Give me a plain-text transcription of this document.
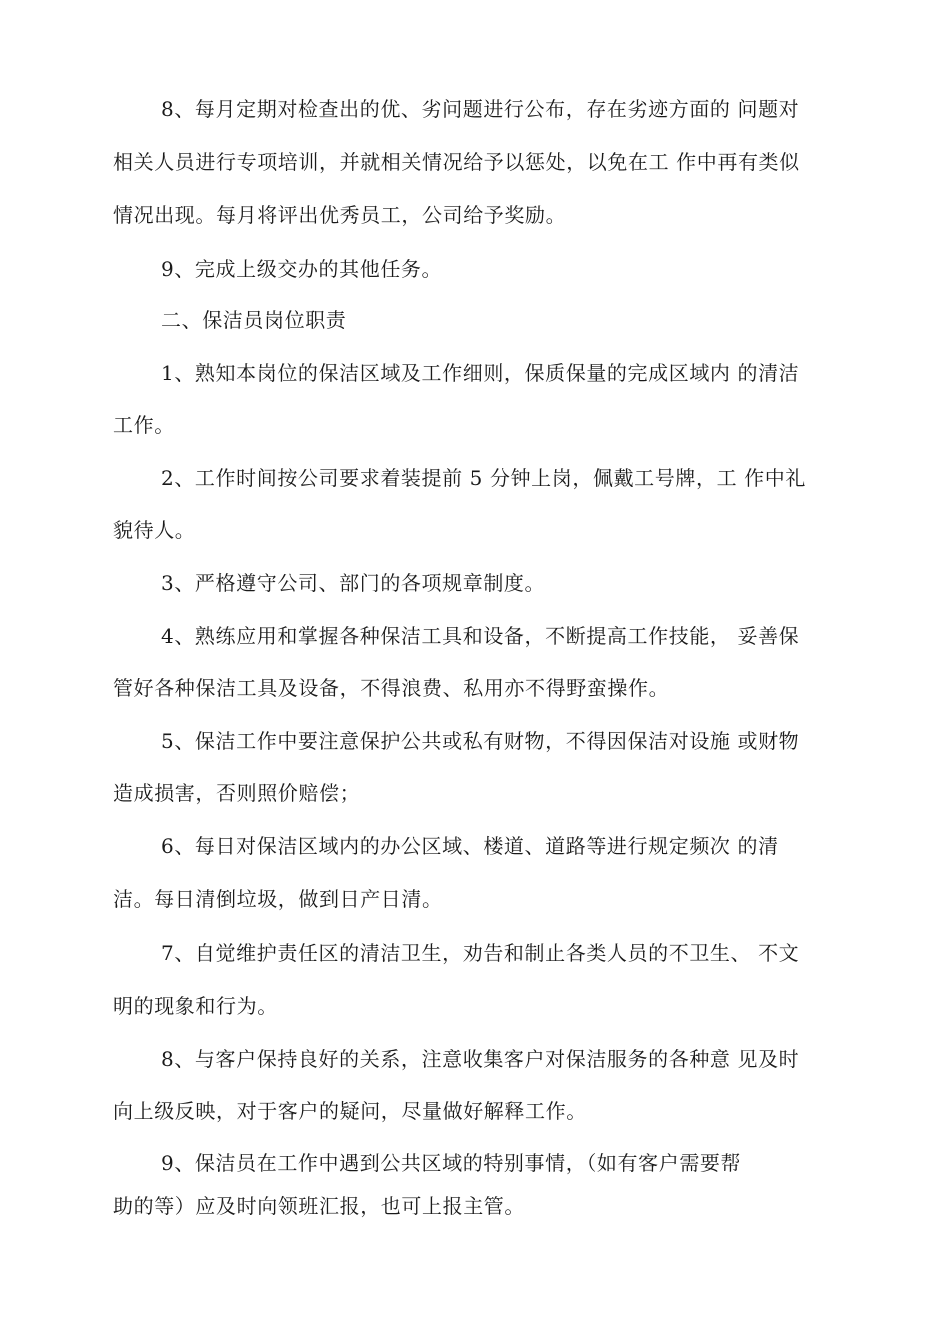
8、每月定期对检查出的优、劣问题进行公布，存在劣迹方面的 问题对
相关人员进行专项培训，并就相关情况给予以惩处，以免在工 作中再有类似
情况出现。每月将评出优秀员工，公司给予奖励。
9、完成上级交办的其他任务。
二、保洁员岗位职责
1、熟知本岗位的保洁区域及工作细则，保质保量的完成区域内 的清洁
工作。
2、工作时间按公司要求着装提前 5 分钟上岗，佩戴工号牌，工 作中礼
貌待人。
3、严格遵守公司、部门的各项规章制度。
4、熟练应用和掌握各种保洁工具和设备，不断提高工作技能， 妥善保
管好各种保洁工具及设备，不得浪费、私用亦不得野蛮操作。
5、保洁工作中要注意保护公共或私有财物，不得因保洁对设施 或财物
造成损害，否则照价赔偿；
6、每日对保洁区域内的办公区域、楼道、道路等进行规定频次 的清
洁。每日清倒垃圾，做到日产日清。
7、自觉维护责任区的清洁卫生，劝告和制止各类人员的不卫生、 不文
明的现象和行为。
8、与客户保持良好的关系，注意收集客户对保洁服务的各种意 见及时
向上级反映，对于客户的疑问，尽量做好解释工作。
9、保洁员在工作中遇到公共区域的特别事情，（如有客户需要帮
助的等）应及时向领班汇报，也可上报主管。
